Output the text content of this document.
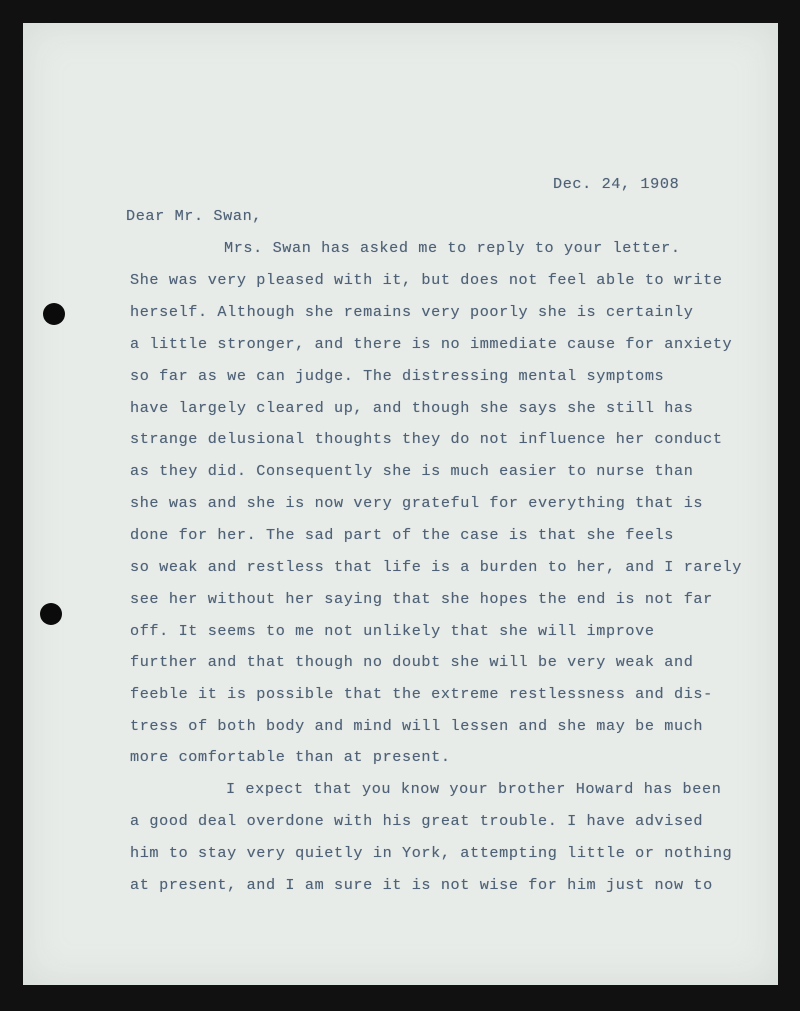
Dec. 24, 1908
Dear Mr. Swan,
Mrs. Swan has asked me to reply to your letter.
She was very pleased with it, but does not feel able to write
herself. Although she remains very poorly she is certainly
a little stronger, and there is no immediate cause for anxiety
so far as we can judge. The distressing mental symptoms
have largely cleared up, and though she says she still has
strange delusional thoughts they do not influence her conduct
as they did. Consequently she is much easier to nurse than
she was and she is now very grateful for everything that is
done for her. The sad part of the case is that she feels
so weak and restless that life is a burden to her, and I rarely
see her without her saying that she hopes the end is not far
off. It seems to me not unlikely that she will improve
further and that though no doubt she will be very weak and
feeble it is possible that the extreme restlessness and dis-
tress of both body and mind will lessen and she may be much
more comfortable than at present.
I expect that you know your brother Howard has been
a good deal overdone with his great trouble. I have advised
him to stay very quietly in York, attempting little or nothing
at present, and I am sure it is not wise for him just now to
